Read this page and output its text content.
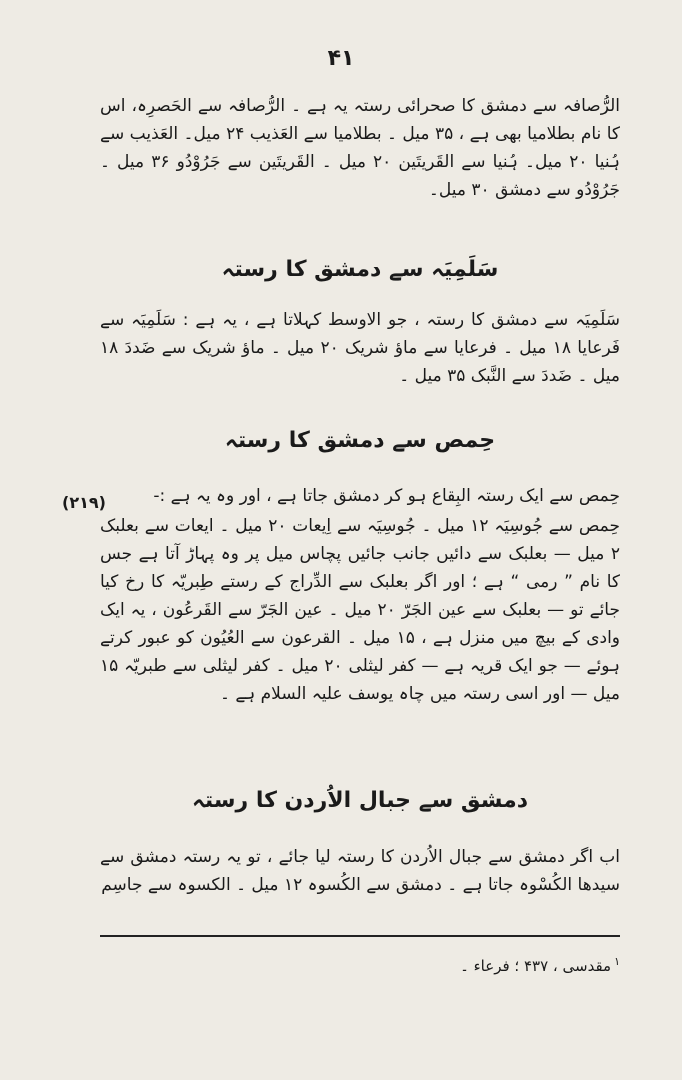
۴۱
الرُّصافہ سے دمشق کا صحرائی رستہ یہ ہے ۔ الرُّصافہ سے الحَصرِہ، اس کا نام بطلامیا بھی ہے ، ۳۵ میل ۔ بطلامیا سے العَذیب ۲۴ میل۔ العَذیب سے ہُنیا ۲۰ میل۔ ہُنیا سے القَریتَین ۲۰ میل ۔ القَریتَین سے جَرُوْدُو ۳۶ میل ۔ جَرُوْدُو سے دمشق ۳۰ میل۔
سَلَمِیَہ سے دمشق کا رستہ
سَلَمِیَہ سے دمشق کا رستہ ، جو الاوسط کہلاتا ہے ، یہ ہے : سَلَمِیَہ سے فَرعایا ۱۸ میل ۔ فرعایا سے ماؤ شریک ۲۰ میل ۔ ماؤ شریک سے ضَددَ ۱۸ میل ۔ ضَددَ سے النَّبک ۳۵ میل ۔
حِمص سے دمشق کا رستہ
(۲۱۹)	حِمص سے ایک رستہ البِقاع ہو کر دمشق جاتا ہے ، اور وہ یہ ہے :-
حِمص سے جُوسِیَہ ۱۲ میل ۔ جُوسِیَہ سے اِیعات ۲۰ میل ۔ ایعات سے بعلبک ۲ میل — بعلبک سے دائیں جانب جائیں پچاس میل پر وہ پہاڑ آتا ہے جس کا نام ” رمی “ ہے ؛ اور اگر بعلبک سے الدِّراج کے رستے طِبریّہ کا رخ کیا جائے تو — بعلبک سے عین الجَرّ ۲۰ میل ۔ عین الجَرّ سے القَرعُون ، یہ ایک وادی کے بیچ میں منزل ہے ، ۱۵ میل ۔ القرعون سے العُیُون کو عبور کرتے ہوئے — جو ایک قریہ ہے — کفر لیثلی ۲۰ میل ۔ کفر لیثلی سے طبریّہ ۱۵ میل — اور اسی رستہ میں چاہ یوسف علیہ السلام ہے ۔
دمشق سے جبال الاُردن کا رستہ
اب اگر دمشق سے جبال الاُردن کا رستہ لیا جائے ، تو یہ رستہ دمشق سے سیدھا الکُسْوہ جاتا ہے ۔ دمشق سے الکُسوہ ۱۲ میل ۔ الکسوہ سے جاسِم
$^۱$مقدسی ، ۴۳۷ ؛ فرعاء ۔
